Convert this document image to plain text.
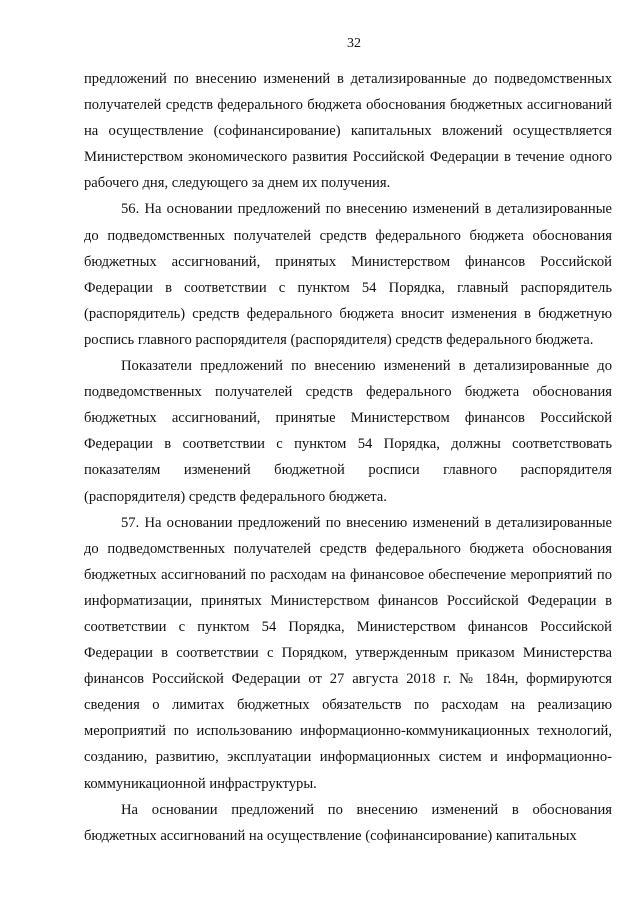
32

предложений по внесению изменений в детализированные до подведомственных получателей средств федерального бюджета обоснования бюджетных ассигнований на осуществление (софинансирование) капитальных вложений осуществляется Министерством экономического развития Российской Федерации в течение одного рабочего дня, следующего за днем их получения.

56. На основании предложений по внесению изменений в детализированные до подведомственных получателей средств федерального бюджета обоснования бюджетных ассигнований, принятых Министерством финансов Российской Федерации в соответствии с пунктом 54 Порядка, главный распорядитель (распорядитель) средств федерального бюджета вносит изменения в бюджетную роспись главного распорядителя (распорядителя) средств федерального бюджета.

Показатели предложений по внесению изменений в детализированные до подведомственных получателей средств федерального бюджета обоснования бюджетных ассигнований, принятые Министерством финансов Российской Федерации в соответствии с пунктом 54 Порядка, должны соответствовать показателям изменений бюджетной росписи главного распорядителя (распорядителя) средств федерального бюджета.

57. На основании предложений по внесению изменений в детализированные до подведомственных получателей средств федерального бюджета обоснования бюджетных ассигнований по расходам на финансовое обеспечение мероприятий по информатизации, принятых Министерством финансов Российской Федерации в соответствии с пунктом 54 Порядка, Министерством финансов Российской Федерации в соответствии с Порядком, утвержденным приказом Министерства финансов Российской Федерации от 27 августа 2018 г. № 184н, формируются сведения о лимитах бюджетных обязательств по расходам на реализацию мероприятий по использованию информационно-коммуникационных технологий, созданию, развитию, эксплуатации информационных систем и информационно-коммуникационной инфраструктуры.

На основании предложений по внесению изменений в обоснования бюджетных ассигнований на осуществление (софинансирование) капитальных
